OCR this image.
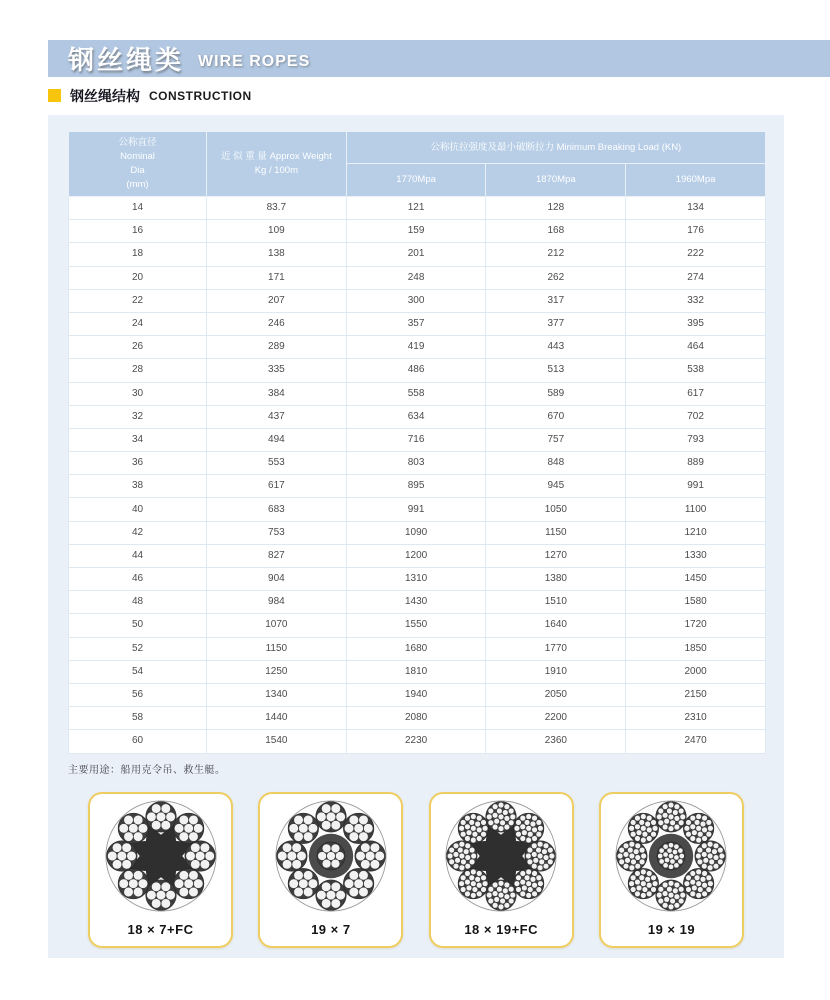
钢丝绳类 WIRE ROPES
钢丝绳结构 CONSTRUCTION
公称直径
Nominal
Dia
(mm)

近 似 重 量 Approx Weight
Kg / 100m
	公称抗拉强度及最小破断拉力 Minimum Breaking Load (KN)
		1770Mpa	1870Mpa	1960Mpa
14	83.7	121	128	134
16	109	159	168	176
18	138	201	212	222
20	171	248	262	274
22	207	300	317	332
24	246	357	377	395
26	289	419	443	464
28	335	486	513	538
30	384	558	589	617
32	437	634	670	702
34	494	716	757	793
36	553	803	848	889
38	617	895	945	991
40	683	991	1050	1100
42	753	1090	1150	1210
44	827	1200	1270	1330
46	904	1310	1380	1450
48	984	1430	1510	1580
50	1070	1550	1640	1720
52	1150	1680	1770	1850
54	1250	1810	1910	2000
56	1340	1940	2050	2150
58	1440	2080	2200	2310
60	1540	2230	2360	2470
主要用途：船用克令吊、救生艇。
18 × 7+FC	19 × 7	18 × 19+FC	19 × 19
